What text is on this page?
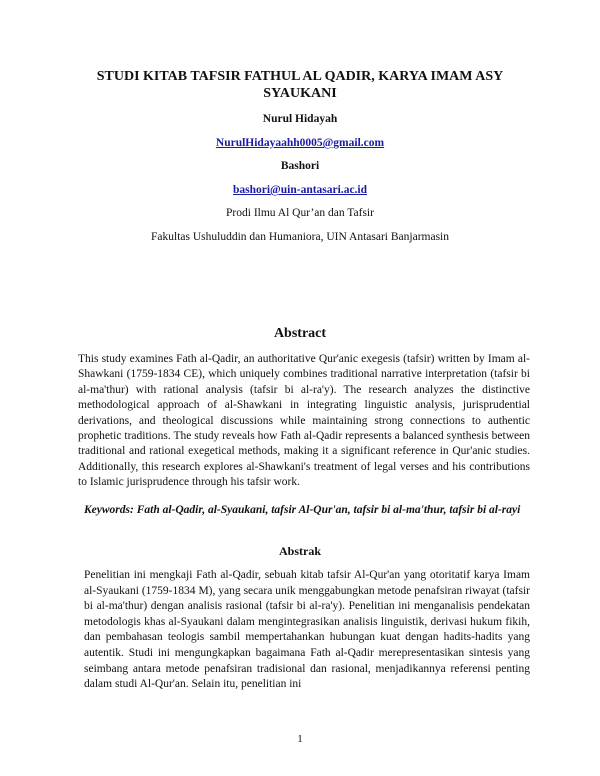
STUDI KITAB TAFSIR FATHUL AL QADIR, KARYA IMAM ASY SYAUKANI
Nurul Hidayah
NurulHidayaahh0005@gmail.com
Bashori
bashori@uin-antasari.ac.id
Prodi Ilmu Al Qur’an dan Tafsir
Fakultas Ushuluddin dan Humaniora, UIN Antasari Banjarmasin
Abstract
This study examines Fath al-Qadir, an authoritative Qur'anic exegesis (tafsir) written by Imam al-Shawkani (1759-1834 CE), which uniquely combines traditional narrative interpretation (tafsir bi al-ma'thur) with rational analysis (tafsir bi al-ra'y). The research analyzes the distinctive methodological approach of al-Shawkani in integrating linguistic analysis, jurisprudential derivations, and theological discussions while maintaining strong connections to authentic prophetic traditions. The study reveals how Fath al-Qadir represents a balanced synthesis between traditional and rational exegetical methods, making it a significant reference in Qur'anic studies. Additionally, this research explores al-Shawkani's treatment of legal verses and his contributions to Islamic jurisprudence through his tafsir work.
Keywords: Fath al-Qadir, al-Syaukani, tafsir Al-Qur'an, tafsir bi al-ma'thur, tafsir bi al-rayi
Abstrak
Penelitian ini mengkaji Fath al-Qadir, sebuah kitab tafsir Al-Qur'an yang otoritatif karya Imam al-Syaukani (1759-1834 M), yang secara unik menggabungkan metode penafsiran riwayat (tafsir bi al-ma'thur) dengan analisis rasional (tafsir bi al-ra'y). Penelitian ini menganalisis pendekatan metodologis khas al-Syaukani dalam mengintegrasikan analisis linguistik, derivasi hukum fikih, dan pembahasan teologis sambil mempertahankan hubungan kuat dengan hadits-hadits yang autentik. Studi ini mengungkapkan bagaimana Fath al-Qadir merepresentasikan sintesis yang seimbang antara metode penafsiran tradisional dan rasional, menjadikannya referensi penting dalam studi Al-Qur'an. Selain itu, penelitian ini
1
